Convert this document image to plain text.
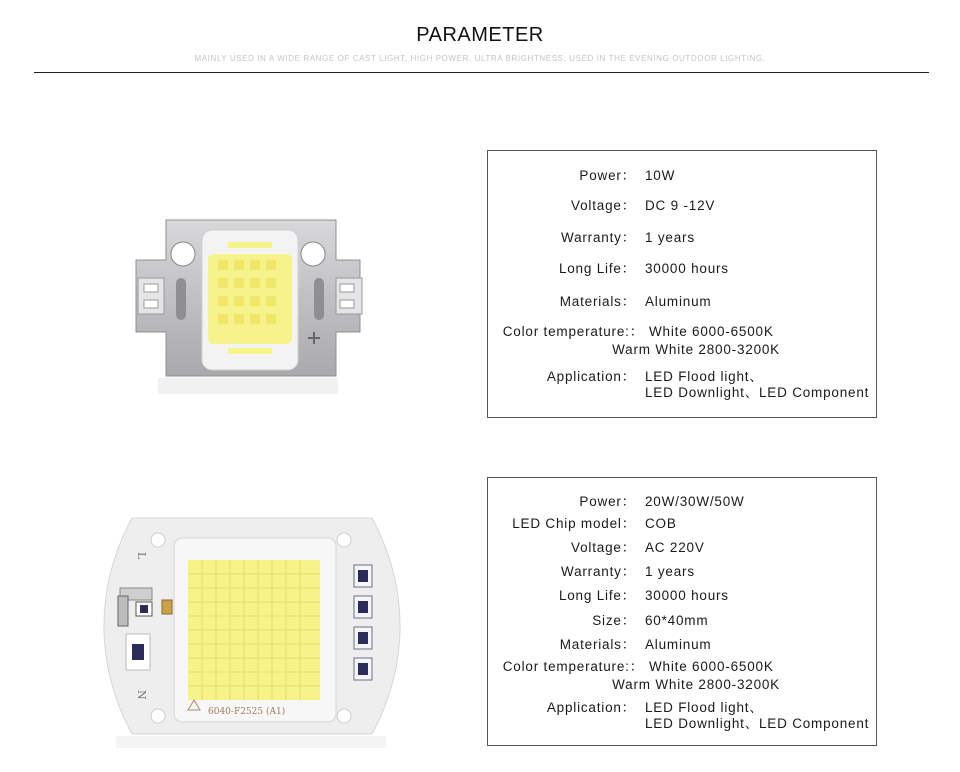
PARAMETER
MAINLY USED IN A WIDE RANGE OF CAST LIGHT, HIGH POWER, ULTRA BRIGHTNESS, USED IN THE EVENING OUTDOOR LIGHTING.
L
N
6040-F2525 (A1)
Power： 10W
Voltage： DC 9 -12V
Warranty： 1 years
Long Life： 30000 hours
Materials： Aluminum
Color temperature:： White 6000-6500K
Warm White 2800-3200K
Application： LED Flood light、
LED Downlight、LED Component
Power： 20W/30W/50W
LED Chip model： COB
Voltage： AC 220V
Warranty： 1 years
Long Life： 30000 hours
Size： 60*40mm
Materials： Aluminum
Color temperature:： White 6000-6500K
Warm White 2800-3200K
Application： LED Flood light、
LED Downlight、LED Component
